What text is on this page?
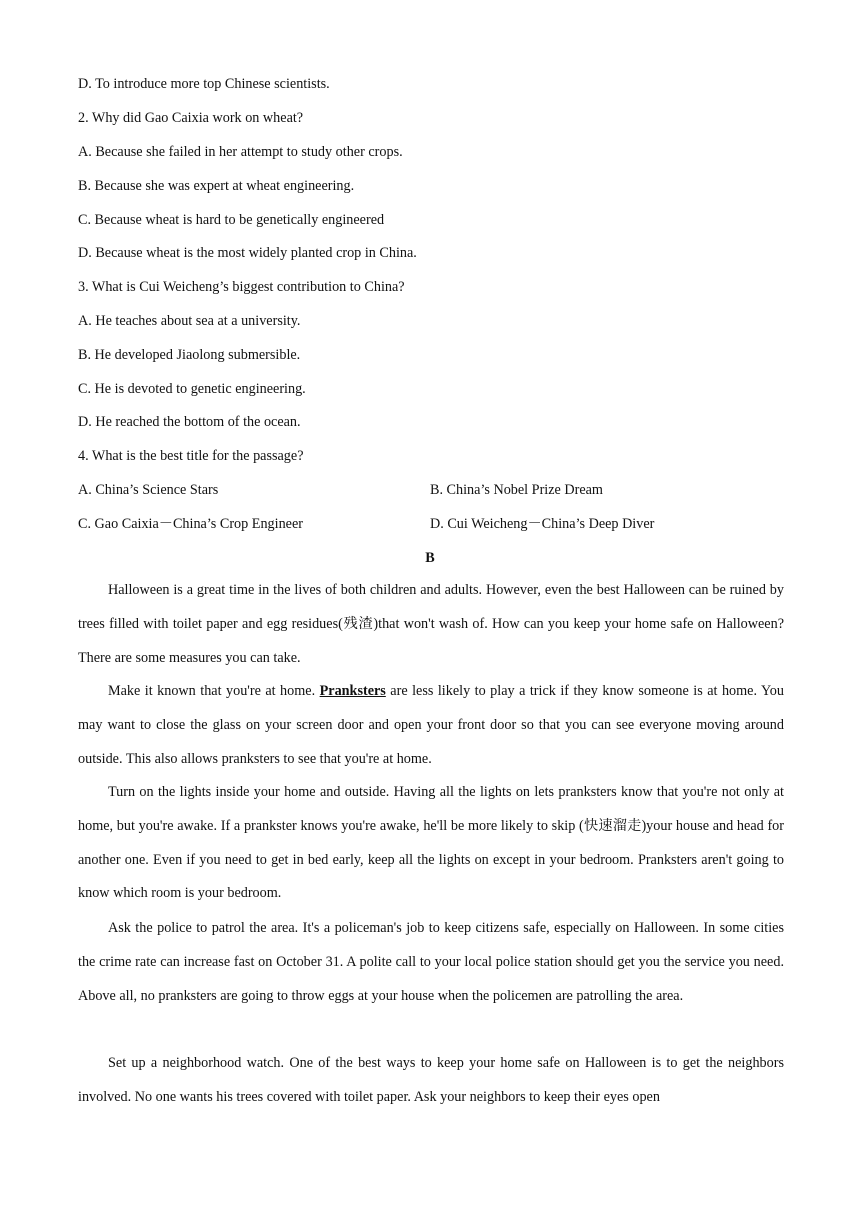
D. To introduce more top Chinese scientists.
2. Why did Gao Caixia work on wheat?
A. Because she failed in her attempt to study other crops.
B. Because she was expert at wheat engineering.
C. Because wheat is hard to be genetically engineered
D. Because wheat is the most widely planted crop in China.
3. What is Cui Weicheng’s biggest contribution to China?
A. He teaches about sea at a university.
B. He developed Jiaolong submersible.
C. He is devoted to genetic engineering.
D. He reached the bottom of the ocean.
4. What is the best title for the passage?
A. China’s Science Stars	B. China’s Nobel Prize Dream
C. Gao Caixia－China’s Crop Engineer	D. Cui Weicheng－China’s Deep Diver
B
Halloween is a great time in the lives of both children and adults. However, even the best Halloween can be ruined by trees filled with toilet paper and egg residues(残渣)that won't wash of. How can you keep your home safe on Halloween? There are some measures you can take.
Make it known that you're at home. Pranksters are less likely to play a trick if they know someone is at home. You may want to close the glass on your screen door and open your front door so that you can see everyone moving around outside. This also allows pranksters to see that you're at home.
Turn on the lights inside your home and outside. Having all the lights on lets pranksters know that you're not only at home, but you're awake. If a prankster knows you're awake, he'll be more likely to skip (快速溜走)your house and head for another one. Even if you need to get in bed early, keep all the lights on except in your bedroom. Pranksters aren't going to know which room is your bedroom.
Ask the police to patrol the area. It's a policeman's job to keep citizens safe, especially on Halloween. In some cities the crime rate can increase fast on October 31. A polite call to your local police station should get you the service you need. Above all, no pranksters are going to throw eggs at your house when the policemen are patrolling the area.
Set up a neighborhood watch. One of the best ways to keep your home safe on Halloween is to get the neighbors involved. No one wants his trees covered with toilet paper. Ask your neighbors to keep their eyes open
